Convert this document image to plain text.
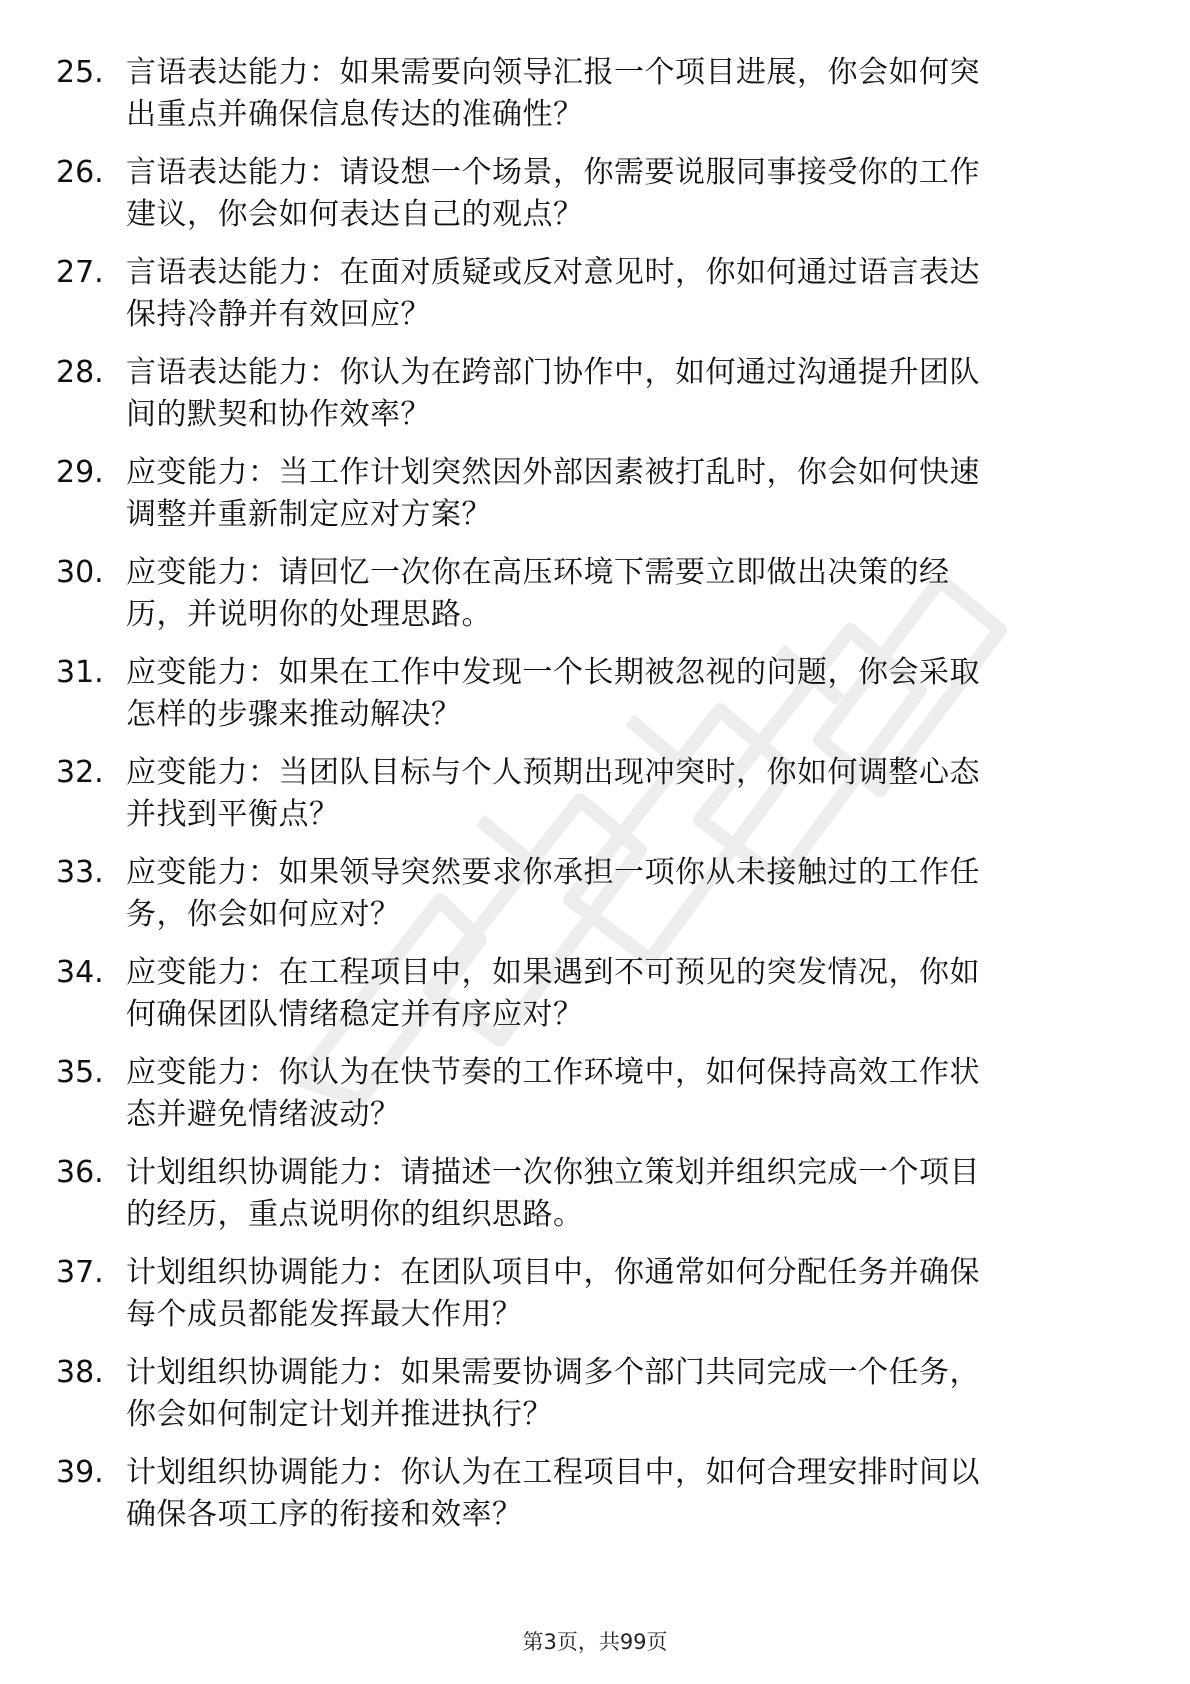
25. 言语表达能力：如果需要向领导汇报一个项目进展，你会如何突
出重点并确保信息传达的准确性？
26. 言语表达能力：请设想一个场景，你需要说服同事接受你的工作
建议，你会如何表达自己的观点？
27. 言语表达能力：在面对质疑或反对意见时，你如何通过语言表达
保持冷静并有效回应？
28. 言语表达能力：你认为在跨部门协作中，如何通过沟通提升团队
间的默契和协作效率？
29. 应变能力：当工作计划突然因外部因素被打乱时，你会如何快速
调整并重新制定应对方案？
30. 应变能力：请回忆一次你在高压环境下需要立即做出决策的经
历，并说明你的处理思路。
31. 应变能力：如果在工作中发现一个长期被忽视的问题，你会采取
怎样的步骤来推动解决？
32. 应变能力：当团队目标与个人预期出现冲突时，你如何调整心态
并找到平衡点？
33. 应变能力：如果领导突然要求你承担一项你从未接触过的工作任
务，你会如何应对？
34. 应变能力：在工程项目中，如果遇到不可预见的突发情况，你如
何确保团队情绪稳定并有序应对？
35. 应变能力：你认为在快节奏的工作环境中，如何保持高效工作状
态并避免情绪波动？
36. 计划组织协调能力：请描述一次你独立策划并组织完成一个项目
的经历，重点说明你的组织思路。
37. 计划组织协调能力：在团队项目中，你通常如何分配任务并确保
每个成员都能发挥最大作用？
38. 计划组织协调能力：如果需要协调多个部门共同完成一个任务，
你会如何制定计划并推进执行？
39. 计划组织协调能力：你认为在工程项目中，如何合理安排时间以
确保各项工序的衔接和效率？
第3页，共99页
